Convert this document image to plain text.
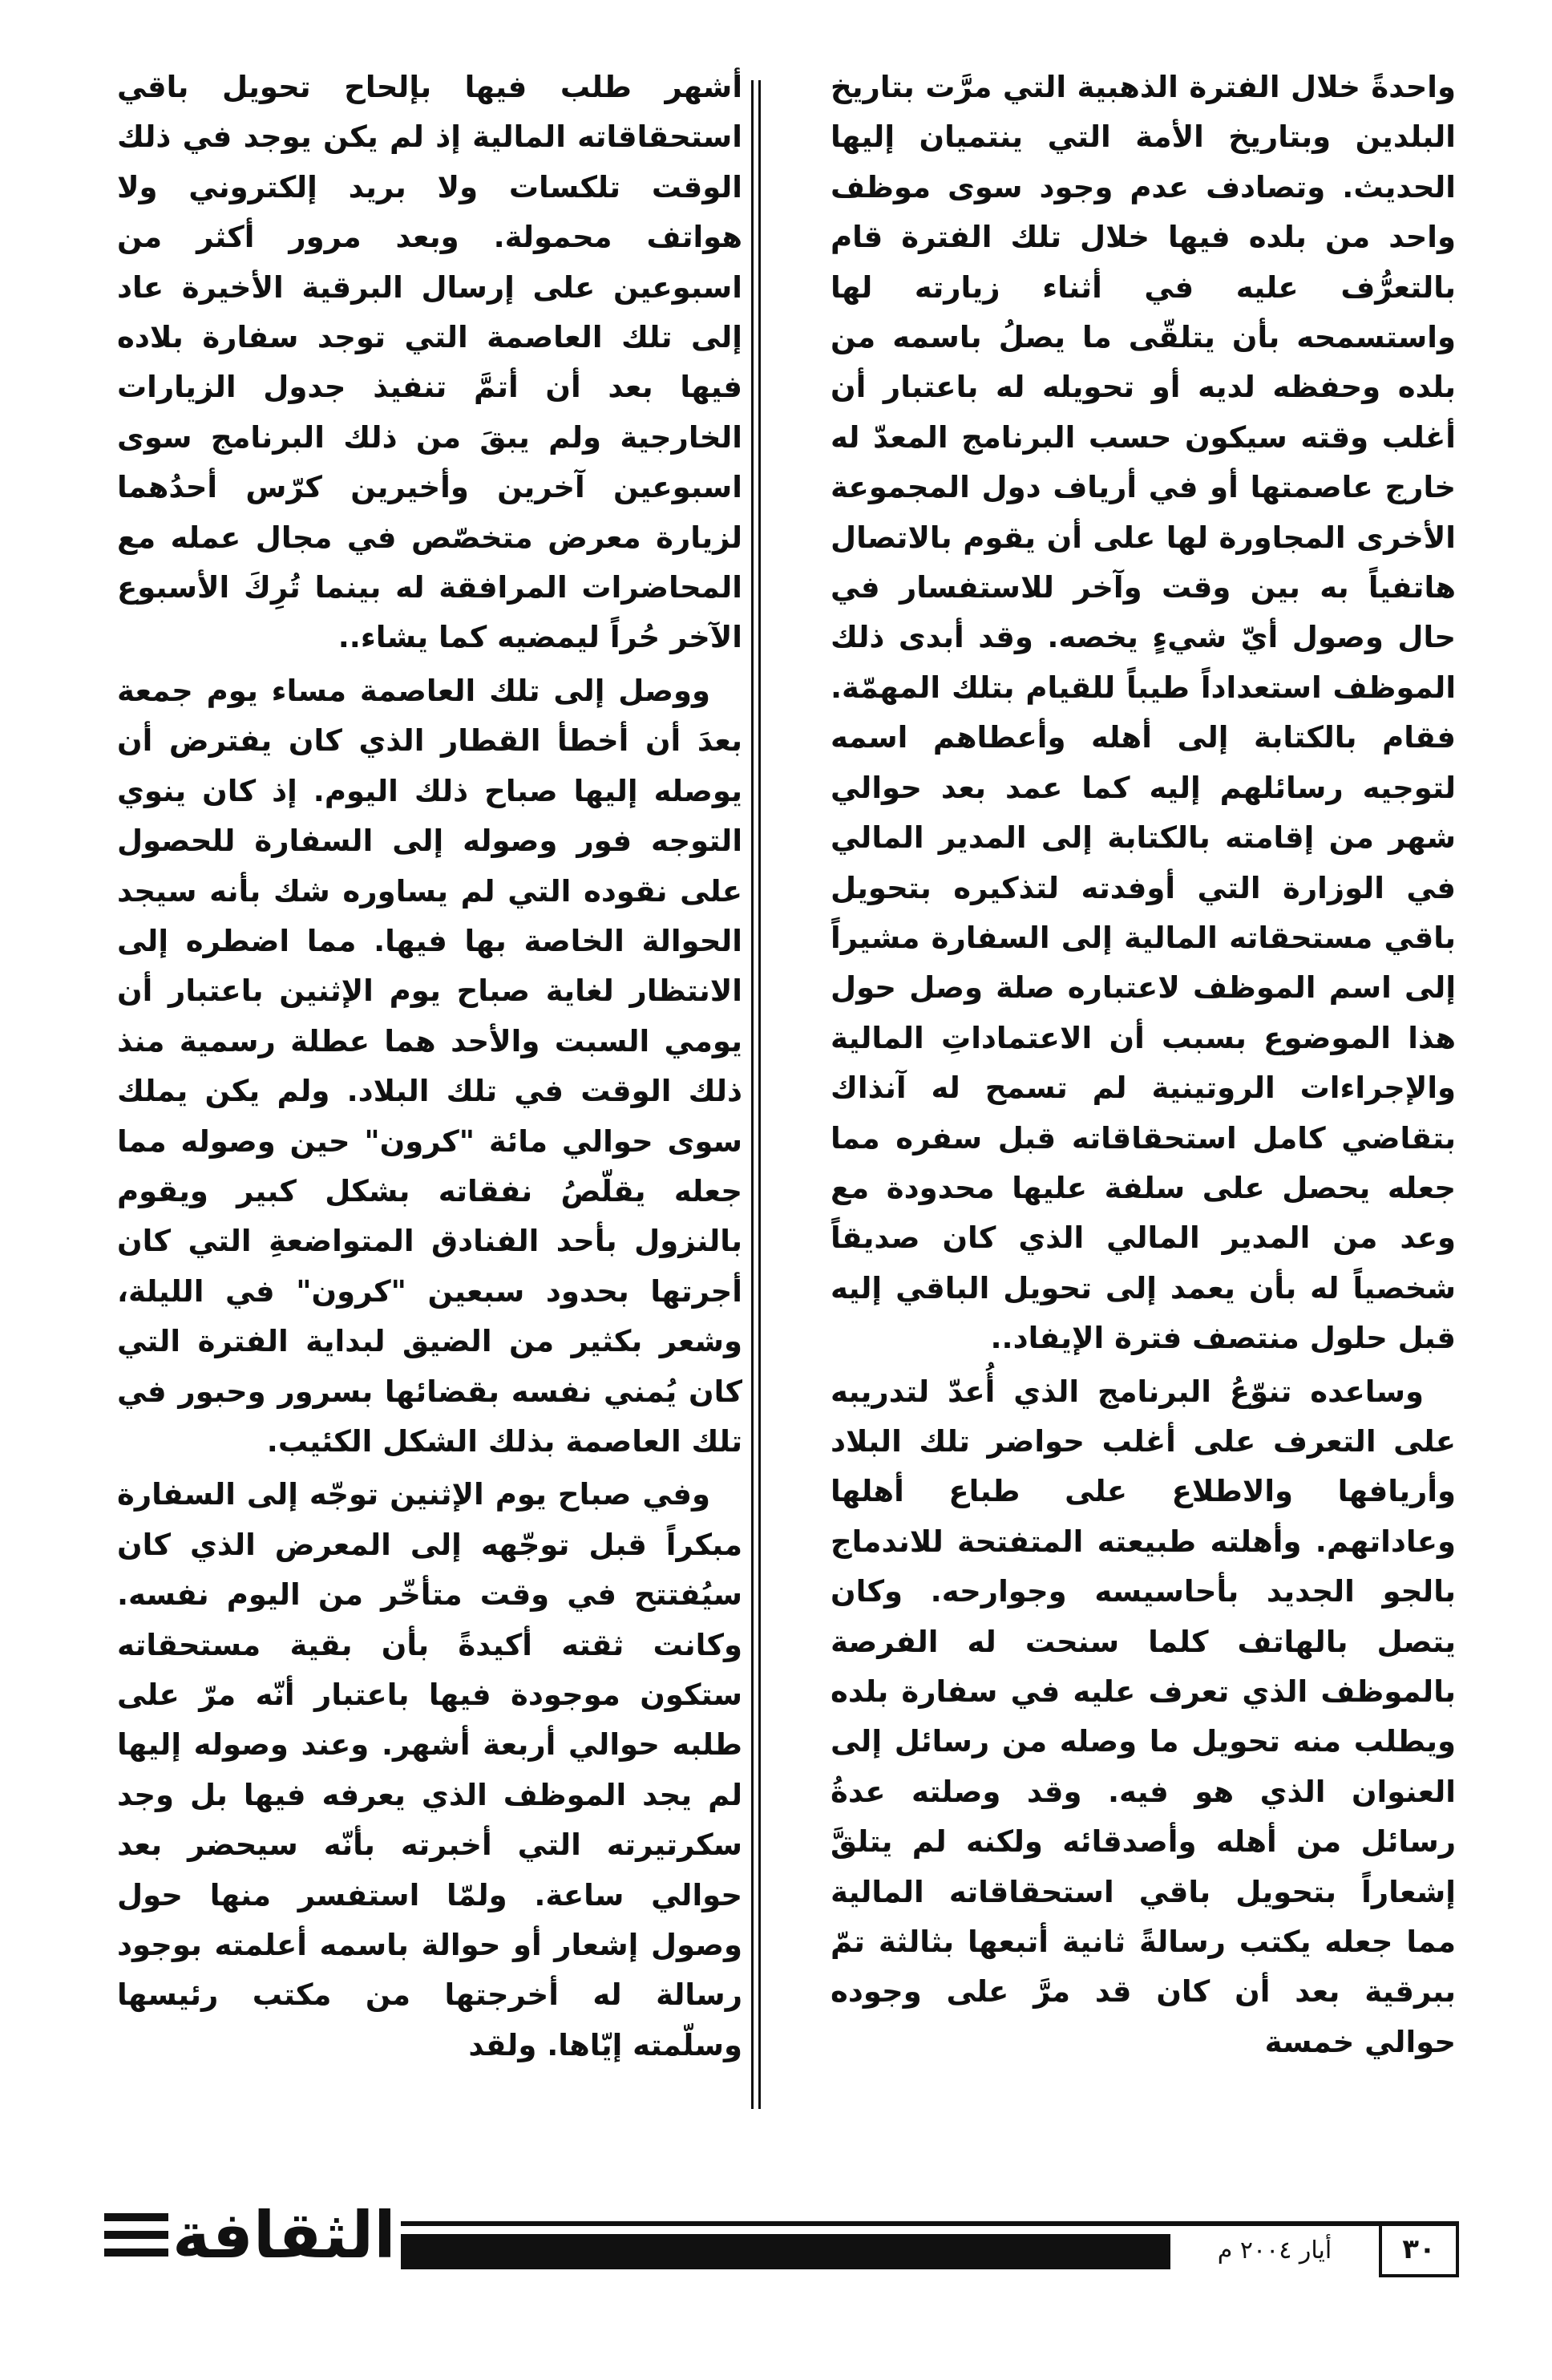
واحدةً خلال الفترة الذهبية التي مرَّت بتاريخ البلدين وبتاريخ الأمة التي ينتميان إليها الحديث. وتصادف عدم وجود سوى موظف واحد من بلده فيها خلال تلك الفترة قام بالتعرُّف عليه في أثناء زيارته لها واستسمحه بأن يتلقّى ما يصلُ باسمه من بلده وحفظه لديه أو تحويله له باعتبار أن أغلب وقته سيكون حسب البرنامج المعدّ له خارج عاصمتها أو في أرياف دول المجموعة الأخرى المجاورة لها على أن يقوم بالاتصال هاتفياً به بين وقت وآخر للاستفسار في حال وصول أيّ شيءٍ يخصه. وقد أبدى ذلك الموظف استعداداً طيباً للقيام بتلك المهمّة. فقام بالكتابة إلى أهله وأعطاهم اسمه لتوجيه رسائلهم إليه كما عمد بعد حوالي شهر من إقامته بالكتابة إلى المدير المالي في الوزارة التي أوفدته لتذكيره بتحويل باقي مستحقاته المالية إلى السفارة مشيراً إلى اسم الموظف لاعتباره صلة وصل حول هذا الموضوع بسبب أن الاعتماداتِ المالية والإجراءات الروتينية لم تسمح له آنذاك بتقاضي كامل استحقاقاته قبل سفره مما جعله يحصل على سلفة عليها محدودة مع وعد من المدير المالي الذي كان صديقاً شخصياً له بأن يعمد إلى تحويل الباقي إليه قبل حلول منتصف فترة الإيفاد..

وساعده تنوّعُ البرنامج الذي أُعدّ لتدريبه على التعرف على أغلب حواضر تلك البلاد وأريافها والاطلاع على طباع أهلها وعاداتهم. وأهلته طبيعته المتفتحة للاندماج بالجو الجديد بأحاسيسه وجوارحه. وكان يتصل بالهاتف كلما سنحت له الفرصة بالموظف الذي تعرف عليه في سفارة بلده ويطلب منه تحويل ما وصله من رسائل إلى العنوان الذي هو فيه. وقد وصلته عدةُ رسائل من أهله وأصدقائه ولكنه لم يتلقَّ إشعاراً بتحويل باقي استحقاقاته المالية مما جعله يكتب رسالةً ثانية أتبعها بثالثة تمّ ببرقية بعد أن كان قد مرَّ على وجوده حوالي خمسة

أشهر طلب فيها بإلحاح تحويل باقي استحقاقاته المالية إذ لم يكن يوجد في ذلك الوقت تلكسات ولا بريد إلكتروني ولا هواتف محمولة. وبعد مرور أكثر من اسبوعين على إرسال البرقية الأخيرة عاد إلى تلك العاصمة التي توجد سفارة بلاده فيها بعد أن أتمَّ تنفيذ جدول الزيارات الخارجية ولم يبقَ من ذلك البرنامج سوى اسبوعين آخرين وأخيرين كرّس أحدُهما لزيارة معرض متخصّص في مجال عمله مع المحاضرات المرافقة له بينما تُرِكَ الأسبوع الآخر حُراً ليمضيه كما يشاء..

ووصل إلى تلك العاصمة مساء يوم جمعة بعدَ أن أخطأ القطار الذي كان يفترض أن يوصله إليها صباح ذلك اليوم. إذ كان ينوي التوجه فور وصوله إلى السفارة للحصول على نقوده التي لم يساوره شك بأنه سيجد الحوالة الخاصة بها فيها. مما اضطره إلى الانتظار لغاية صباح يوم الإثنين باعتبار أن يومي السبت والأحد هما عطلة رسمية منذ ذلك الوقت في تلك البلاد. ولم يكن يملك سوى حوالي مائة "كرون" حين وصوله مما جعله يقلّصُ نفقاته بشكل كبير ويقوم بالنزول بأحد الفنادق المتواضعةِ التي كان أجرتها بحدود سبعين "كرون" في الليلة، وشعر بكثير من الضيق لبداية الفترة التي كان يُمني نفسه بقضائها بسرور وحبور في تلك العاصمة بذلك الشكل الكئيب.

وفي صباح يوم الإثنين توجّه إلى السفارة مبكراً قبل توجّهه إلى المعرض الذي كان سيُفتتح في وقت متأخّر من اليوم نفسه. وكانت ثقته أكيدةً بأن بقية مستحقاته ستكون موجودة فيها باعتبار أنّه مرّ على طلبه حوالي أربعة أشهر. وعند وصوله إليها لم يجد الموظف الذي يعرفه فيها بل وجد سكرتيرته التي أخبرته بأنّه سيحضر بعد حوالي ساعة. ولمّا استفسر منها حول وصول إشعار أو حوالة باسمه أعلمته بوجود رسالة له أخرجتها من مكتب رئيسها وسلّمته إيّاها. ولقد

الثقافة	أيار ٢٠٠٤ م	٣٠
